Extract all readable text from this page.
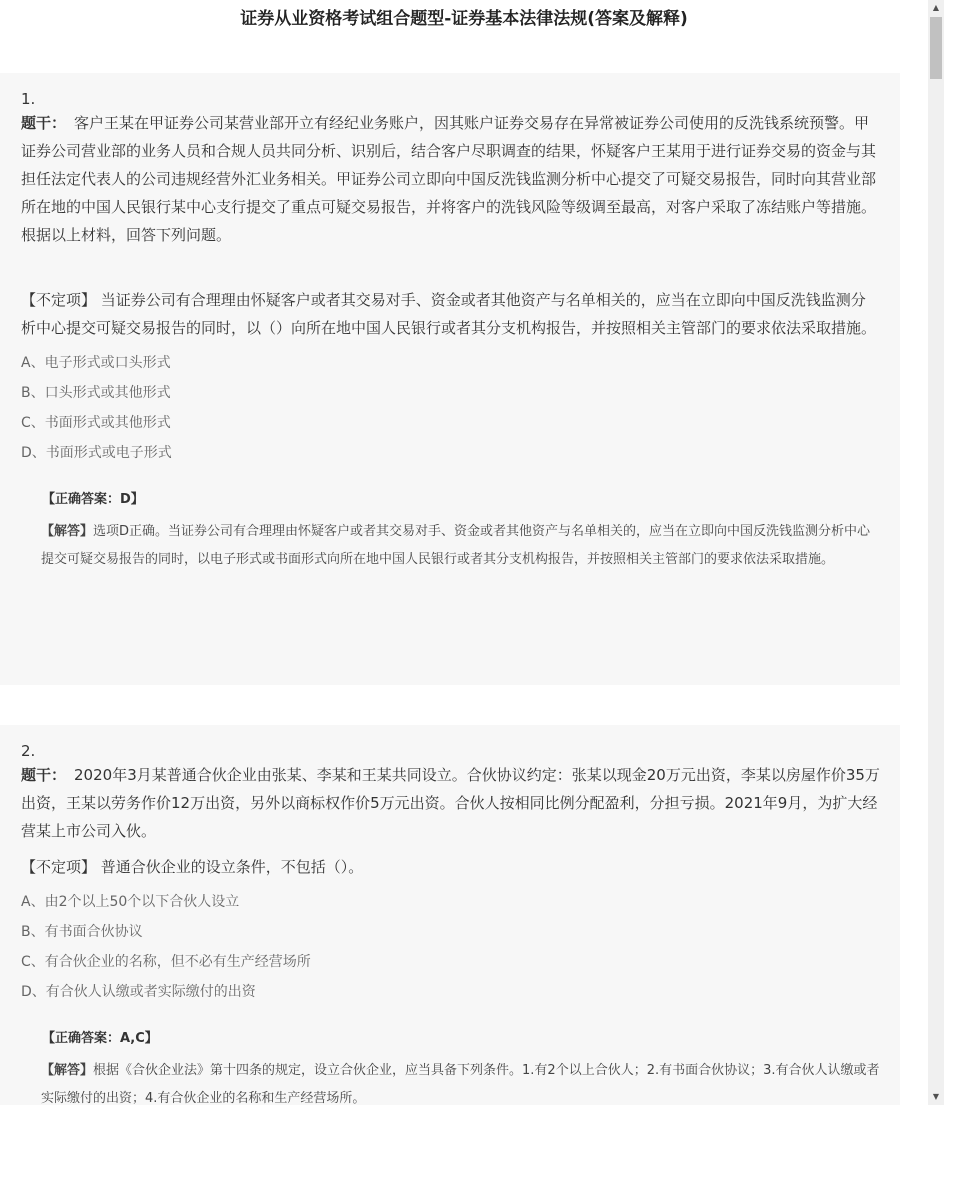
证券从业资格考试组合题型-证券基本法律法规(答案及解释)
1.

题干： 客户王某在甲证券公司某营业部开立有经纪业务账户，因其账户证券交易存在异常被证券公司使用的反洗钱系统预警。甲证券公司营业部的业务人员和合规人员共同分析、识别后，结合客户尽职调查的结果，怀疑客户王某用于进行证券交易的资金与其担任法定代表人的公司违规经营外汇业务相关。甲证券公司立即向中国反洗钱监测分析中心提交了可疑交易报告，同时向其营业部所在地的中国人民银行某中心支行提交了重点可疑交易报告，并将客户的洗钱风险等级调至最高，对客户采取了冻结账户等措施。

根据以上材料，回答下列问题。

【不定项】 当证券公司有合理理由怀疑客户或者其交易对手、资金或者其他资产与名单相关的，应当在立即向中国反洗钱监测分析中心提交可疑交易报告的同时，以（）向所在地中国人民银行或者其分支机构报告，并按照相关主管部门的要求依法采取措施。

A、电子形式或口头形式
B、口头形式或其他形式
C、书面形式或其他形式
D、书面形式或电子形式
【正确答案：D】

【解答】选项D正确。当证券公司有合理理由怀疑客户或者其交易对手、资金或者其他资产与名单相关的，应当在立即向中国反洗钱监测分析中心提交可疑交易报告的同时，以电子形式或书面形式向所在地中国人民银行或者其分支机构报告，并按照相关主管部门的要求依法采取措施。

2.

题干： 2020年3月某普通合伙企业由张某、李某和王某共同设立。合伙协议约定：张某以现金20万元出资，李某以房屋作价35万出资，王某以劳务作价12万出资，另外以商标权作价5万元出资。合伙人按相同比例分配盈利，分担亏损。2021年9月，为扩大经营某上市公司入伙。

【不定项】 普通合伙企业的设立条件，不包括（）。

A、由2个以上50个以下合伙人设立
B、有书面合伙协议
C、有合伙企业的名称，但不必有生产经营场所
D、有合伙人认缴或者实际缴付的出资
【正确答案：A,C】

【解答】根据《合伙企业法》第十四条的规定，设立合伙企业，应当具备下列条件。1.有2个以上合伙人；2.有书面合伙协议；3.有合伙人认缴或者实际缴付的出资；4.有合伙企业的名称和生产经营场所。

▲
▼
